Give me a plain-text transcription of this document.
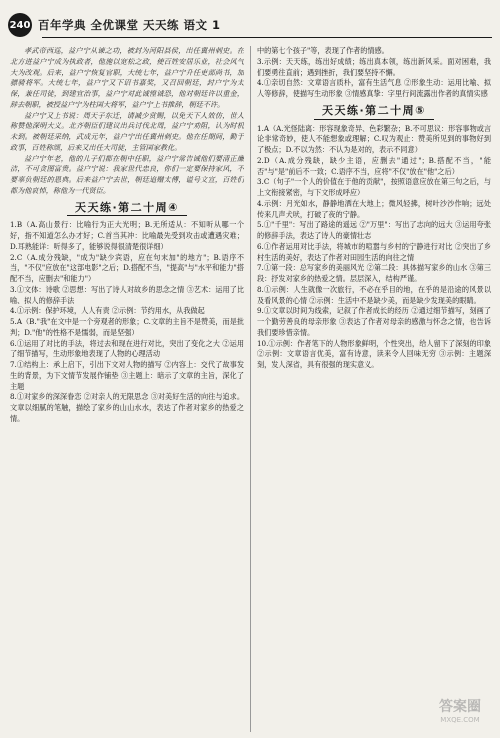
240 百年学典 全优课堂 天天练 语文 1

孝武帝西巡，益户宁从谏之功，被封为河阳县侯，出任冀州刺史。在北方进益户宁成为执政者，他施以宽松之政，使百姓安居乐业，社会风气大为改观。后来，益户宁恢复官职，大统七年，益户宁升任吏部尚书，加骠骑将军。大统七年，益户宁又下诏书嘉奖，又召回朝廷，封户宁为太保，兼任司徒，到建宜治事，益户宁对此诚惶诚恐，他对朝廷许以重金，辞去朝职，被授益户宁为柱国大将军，益户宁上书推辞，朝廷不许。

益户宁又上书说：周天子东迁，请减少赏赐，以免天下人效仿，世人称赞他深明大义。北齐朝臣们建议出兵讨伐北周，益户宁劝阻，认为时机未到。被朝廷采纳，武成元年，益户宁出任冀州刺史。他在任期间，勤于政事，百姓称颂，后来又出任大司徒，主管国家教化。

益户宁年老，他的儿子们都在朝中任职，益户宁常告诫他们要清正廉洁，不可贪图富贵。益户宁说：我家世代忠良，你们一定要保持家风，不要辜负朝廷的恩典。后来益户宁去世，朝廷追赠太傅，谥号文宣，百姓们都为他哀悼，称他为一代贤臣。

天天练·第二十周④

1.B（A.高山景行：比喻行为正大光明；B.无所适从：不知听从哪一个好，指不知道怎么办才好；C.首当其冲：比喻最先受到攻击或遭遇灾难；D.耳熟能详：听得多了，能够说得很清楚很详细）

2.C（A.成分残缺，"成为"缺少宾语，应在句末加"的地方"；B.语序不当，"不仅"应放在"这部电影"之后；D.搭配不当，"提高"与"水平和能力"搭配不当，应删去"和能力"）

3.①文体：诗歌 ②思想：写出了诗人对故乡的思念之情 ③艺术：运用了比喻、拟人的修辞手法

4.①示例：保护环境，人人有责 ②示例：节约用水，从我做起

5.A（B."我"在文中是一个旁观者的形象；C.文章的主旨不是赞美，而是批判；D."他"的性格不是懦弱，而是坚强）

6.①运用了对比的手法，将过去和现在进行对比，突出了变化之大 ②运用了细节描写，生动形象地表现了人物的心理活动

7.①结构上：承上启下，引出下文对人物的描写 ②内容上：交代了故事发生的背景，为下文情节发展作铺垫 ③主题上：暗示了文章的主旨，深化了主题

8.①对家乡的深深眷恋 ②对亲人的无限思念 ③对美好生活的向往与追求。文章以细腻的笔触，描绘了家乡的山山水水，表达了作者对家乡的热爱之情。

中的第七个孩子"等，表现了作者的情感。

3.示例：天天练，练出好成绩；练出真本领，练出新风采。面对困难，我们要勇往直前；遇到挫折，我们要坚持不懈。

4.①亲切自然：文章语言质朴，富有生活气息 ②形象生动：运用比喻、拟人等修辞，使描写生动形象 ③情感真挚：字里行间流露出作者的真情实感

天天练·第二十周⑤

1.A（A.光怪陆离：形容现象奇异、色彩繁杂；B.不可思议：形容事物或言论非常奇妙，使人不能想象或理解；C.叹为观止：赞美所见到的事物好到了极点；D.不以为然：不认为是对的，表示不同意）

2.D（A.成分残缺，缺少主语，应删去"通过"；B.搭配不当，"能否"与"是"前后不一致；C.语序不当，应将"不仅"放在"他"之后）

3.C（句子"一个人的价值在于他的贡献"，按照语意应放在第三句之后，与上文衔接紧密，与下文形成呼应）

4.示例：月光如水，静静地洒在大地上；微风轻拂，树叶沙沙作响；远处传来几声犬吠，打破了夜的宁静。

5.①"千里"：写出了路途的遥远 ②"万里"：写出了志向的远大 ③运用夸张的修辞手法，表达了诗人的豪情壮志

6.①作者运用对比手法，将城市的喧嚣与乡村的宁静进行对比 ②突出了乡村生活的美好，表达了作者对田园生活的向往之情

7.①第一段：总写家乡的美丽风光 ②第二段：具体描写家乡的山水 ③第三段：抒发对家乡的热爱之情。层层深入，结构严谨。

8.①示例：人生就像一次旅行，不必在乎目的地，在乎的是沿途的风景以及看风景的心情 ②示例：生活中不是缺少美，而是缺少发现美的眼睛。

9.①文章以时间为线索，记叙了作者成长的经历 ②通过细节描写，刻画了一个勤劳善良的母亲形象 ③表达了作者对母亲的感激与怀念之情，也告诉我们要珍惜亲情。

10.①示例：作者笔下的人物形象鲜明，个性突出，给人留下了深刻的印象 ②示例：文章语言优美，富有诗意，读来令人回味无穷 ③示例：主题深刻，发人深省，具有很强的现实意义。

答案圈
MXQE.COM
